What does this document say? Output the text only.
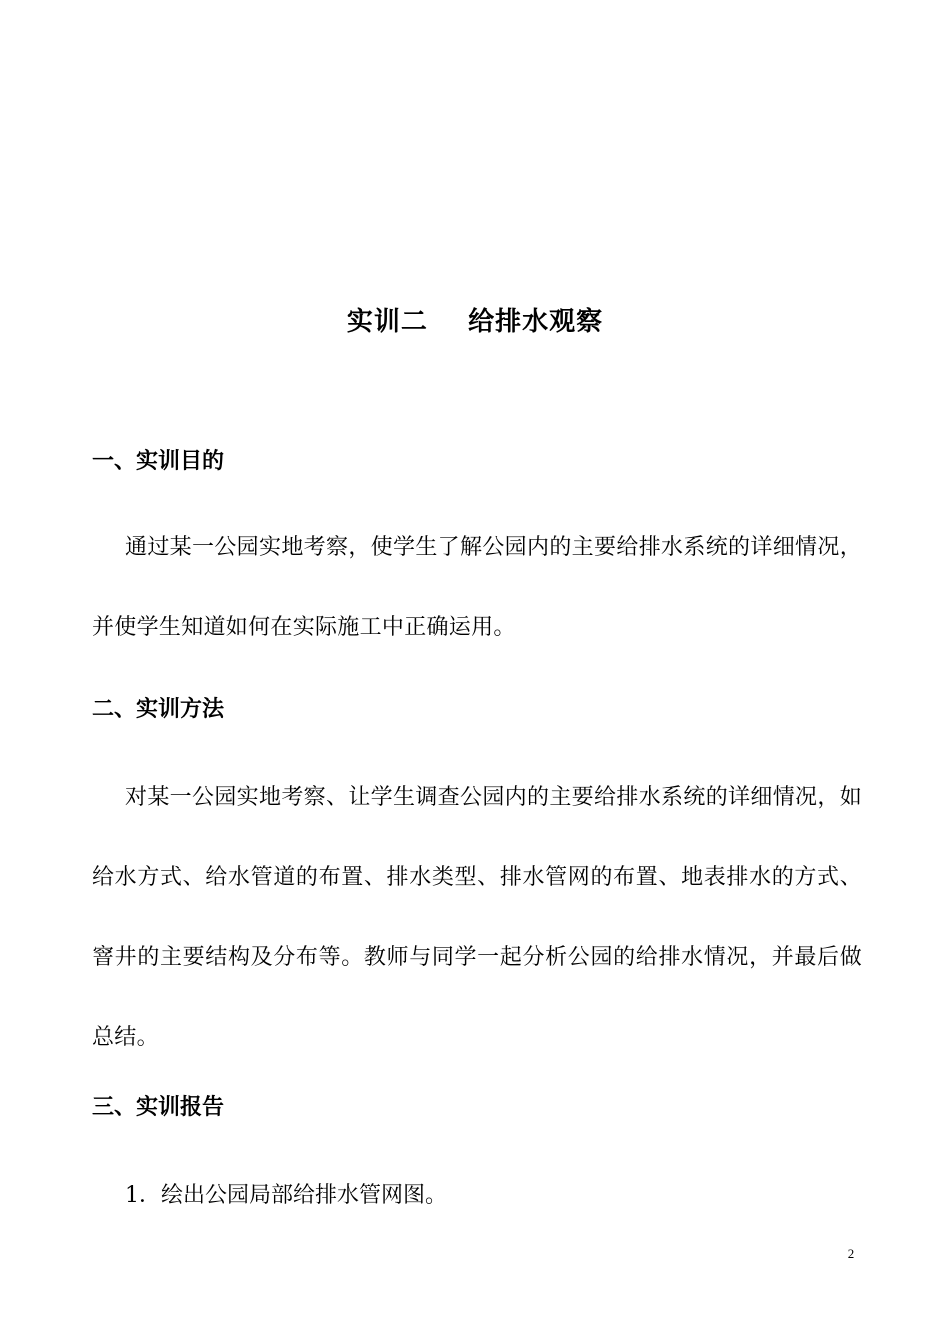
实训二    给排水观察
一、实训目的
通过某一公园实地考察，使学生了解公园内的主要给排水系统的详细情况，并使学生知道如何在实际施工中正确运用。
二、实训方法
对某一公园实地考察、让学生调查公园内的主要给排水系统的详细情况，如给水方式、给水管道的布置、排水类型、排水管网的布置、地表排水的方式、窨井的主要结构及分布等。教师与同学一起分析公园的给排水情况，并最后做总结。
三、实训报告
1．绘出公园局部给排水管网图。
2
